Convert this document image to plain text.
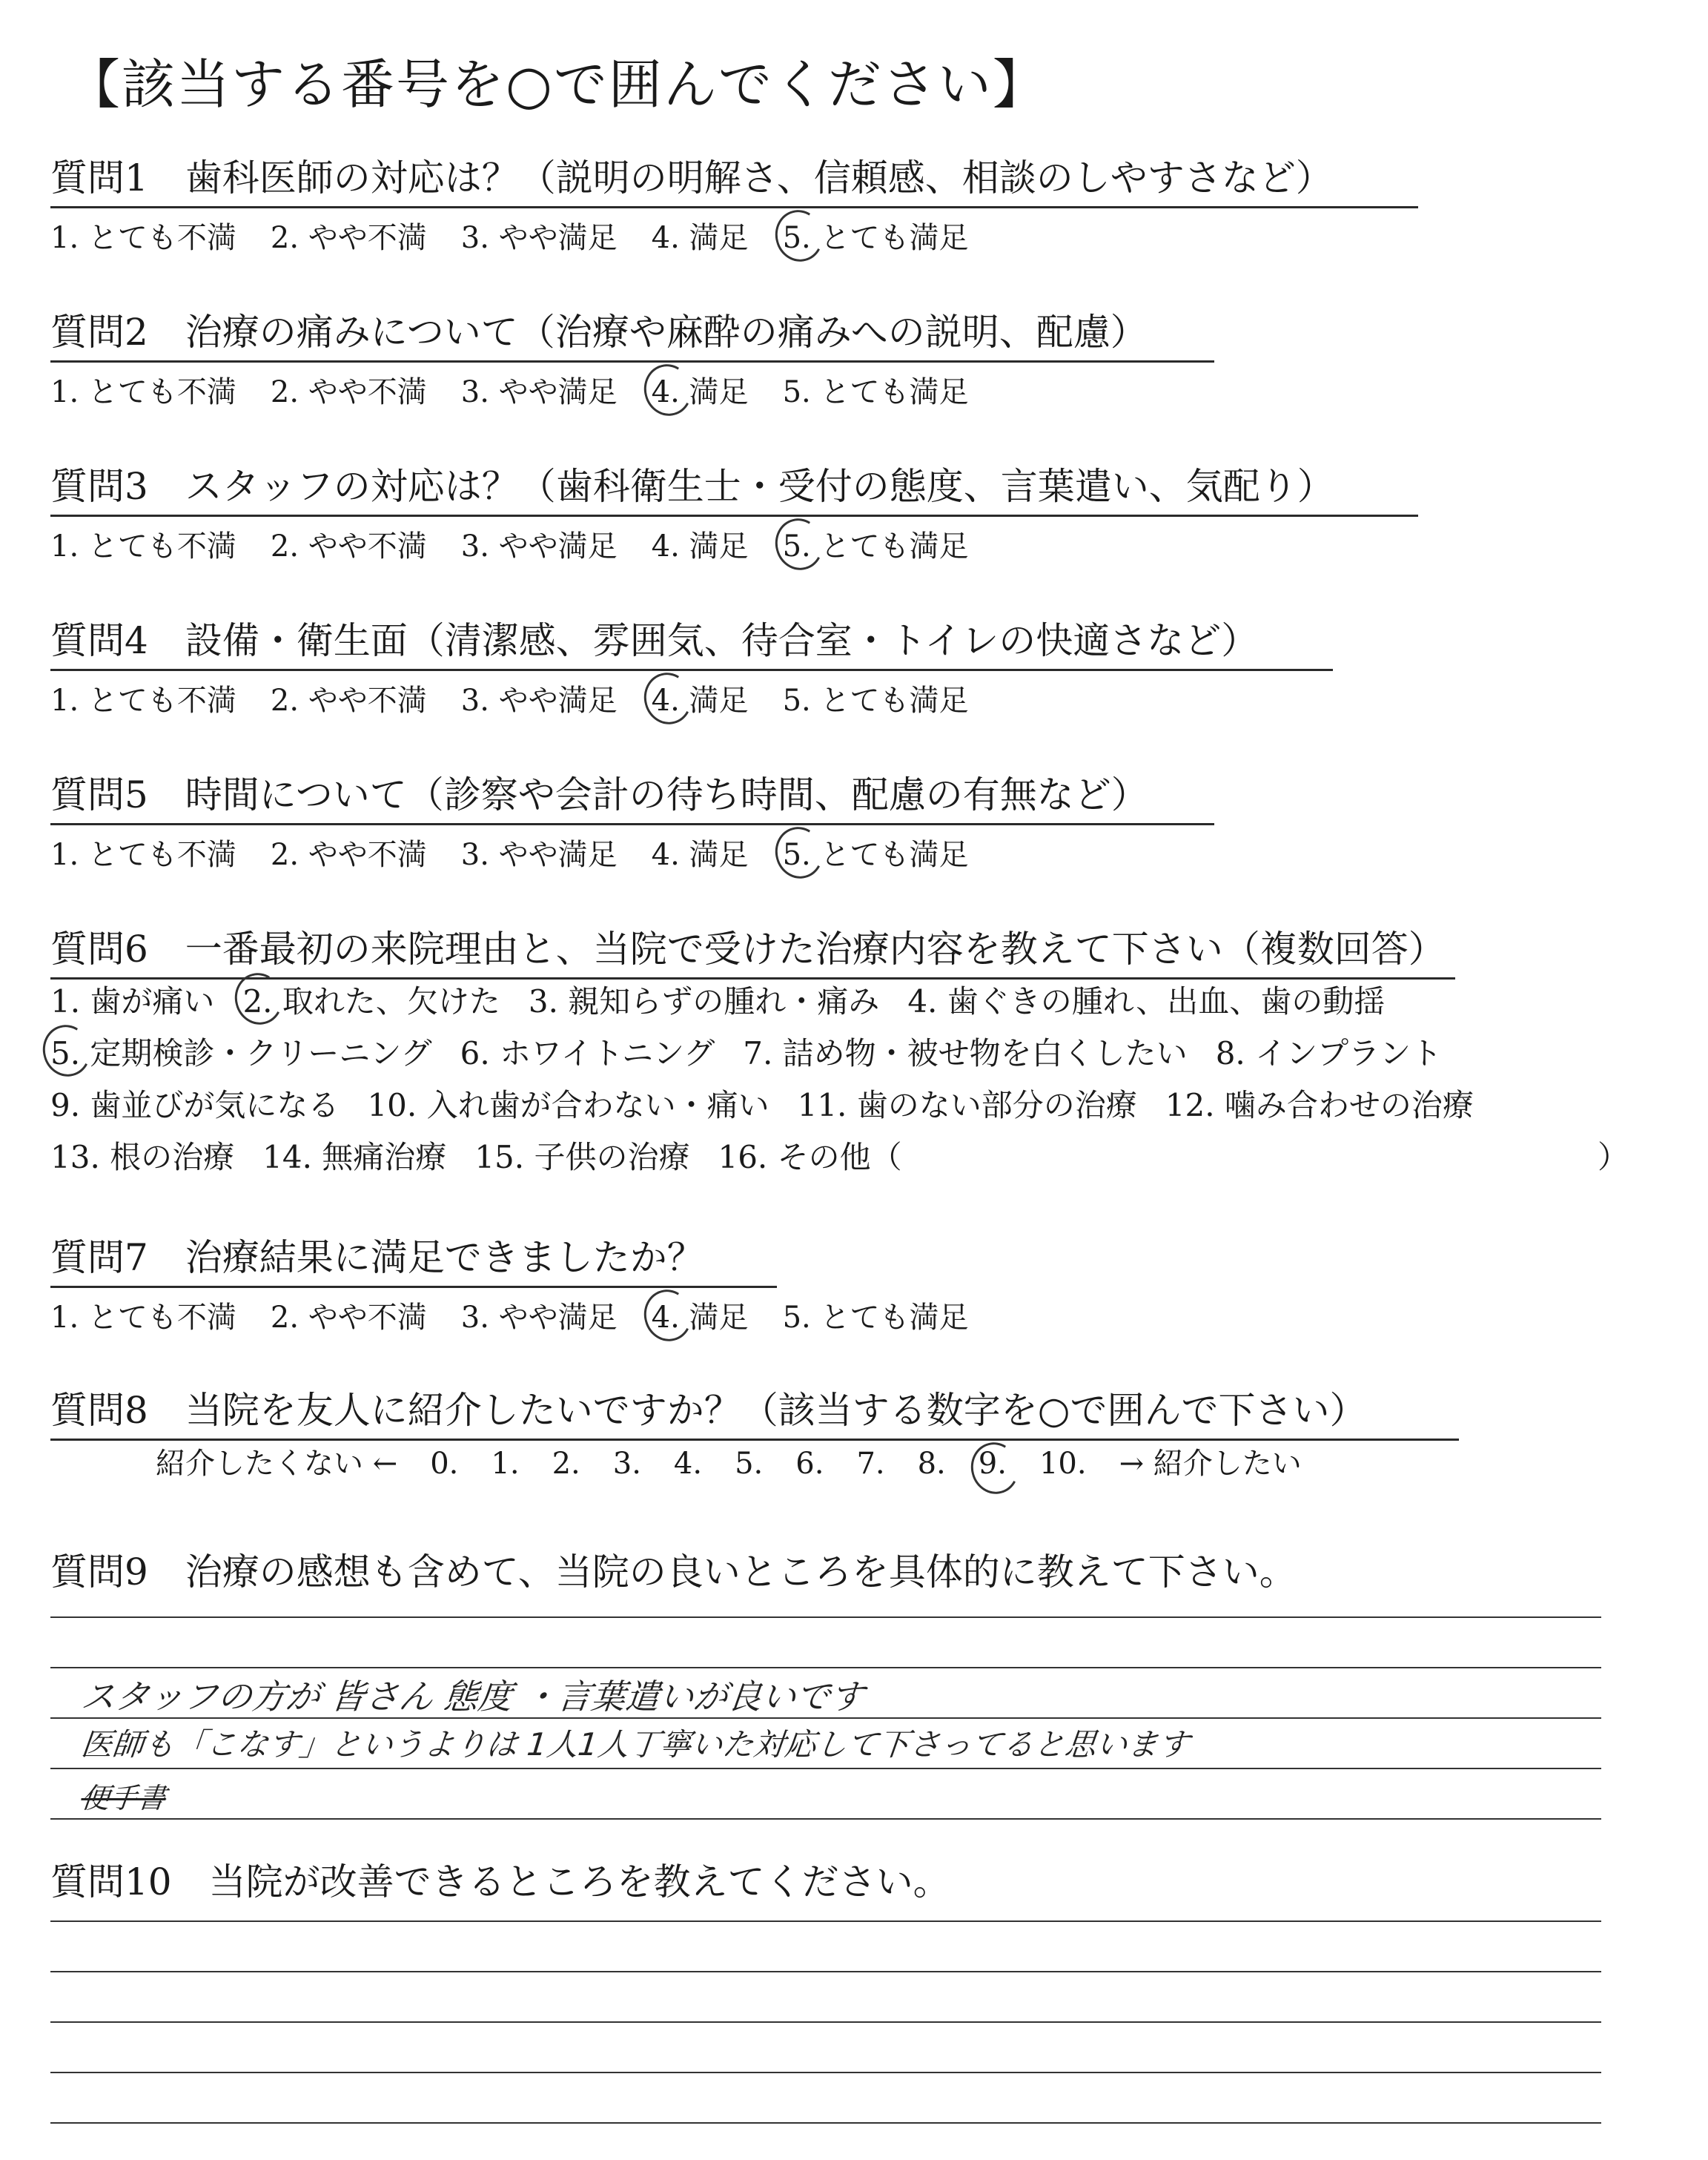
【該当する番号を○で囲んでください】
質問1　歯科医師の対応は？（説明の明解さ、信頼感、相談のしやすさなど）
1. とても不満 2. やや不満 3. やや満足 4. 満足 5. とても満足
質問2　治療の痛みについて（治療や麻酔の痛みへの説明、配慮）
1. とても不満 2. やや不満 3. やや満足 4. 満足 5. とても満足
質問3　スタッフの対応は？（歯科衛生士・受付の態度、言葉遣い、気配り）
1. とても不満 2. やや不満 3. やや満足 4. 満足 5. とても満足
質問4　設備・衛生面（清潔感、雰囲気、待合室・トイレの快適さなど）
1. とても不満 2. やや不満 3. やや満足 4. 満足 5. とても満足
質問5　時間について（診察や会計の待ち時間、配慮の有無など）
1. とても不満 2. やや不満 3. やや満足 4. 満足 5. とても満足
質問6　一番最初の来院理由と、当院で受けた治療内容を教えて下さい（複数回答）
1. 歯が痛い 2. 取れた、欠けた 3. 親知らずの腫れ・痛み 4. 歯ぐきの腫れ、出血、歯の動揺
5. 定期検診・クリーニング 6. ホワイトニング 7. 詰め物・被せ物を白くしたい 8. インプラント
9. 歯並びが気になる 10. 入れ歯が合わない・痛い 11. 歯のない部分の治療 12. 噛み合わせの治療
13. 根の治療 14. 無痛治療 15. 子供の治療 16. その他（	）
質問7　治療結果に満足できましたか？
1. とても不満 2. やや不満 3. やや満足 4. 満足 5. とても満足
質問8　当院を友人に紹介したいですか？（該当する数字を○で囲んで下さい）
紹介したくない ← 0. 1. 2. 3. 4. 5. 6. 7. 8. 9. 10. → 紹介したい
質問9　治療の感想も含めて、当院の良いところを具体的に教えて下さい。
スタッフの方が 皆さん 態度 ・言葉遣いが良いです
医師も「こなす」というよりは 1人1人丁寧いた対応して下さってると思います
便手書
質問10　当院が改善できるところを教えてください。
